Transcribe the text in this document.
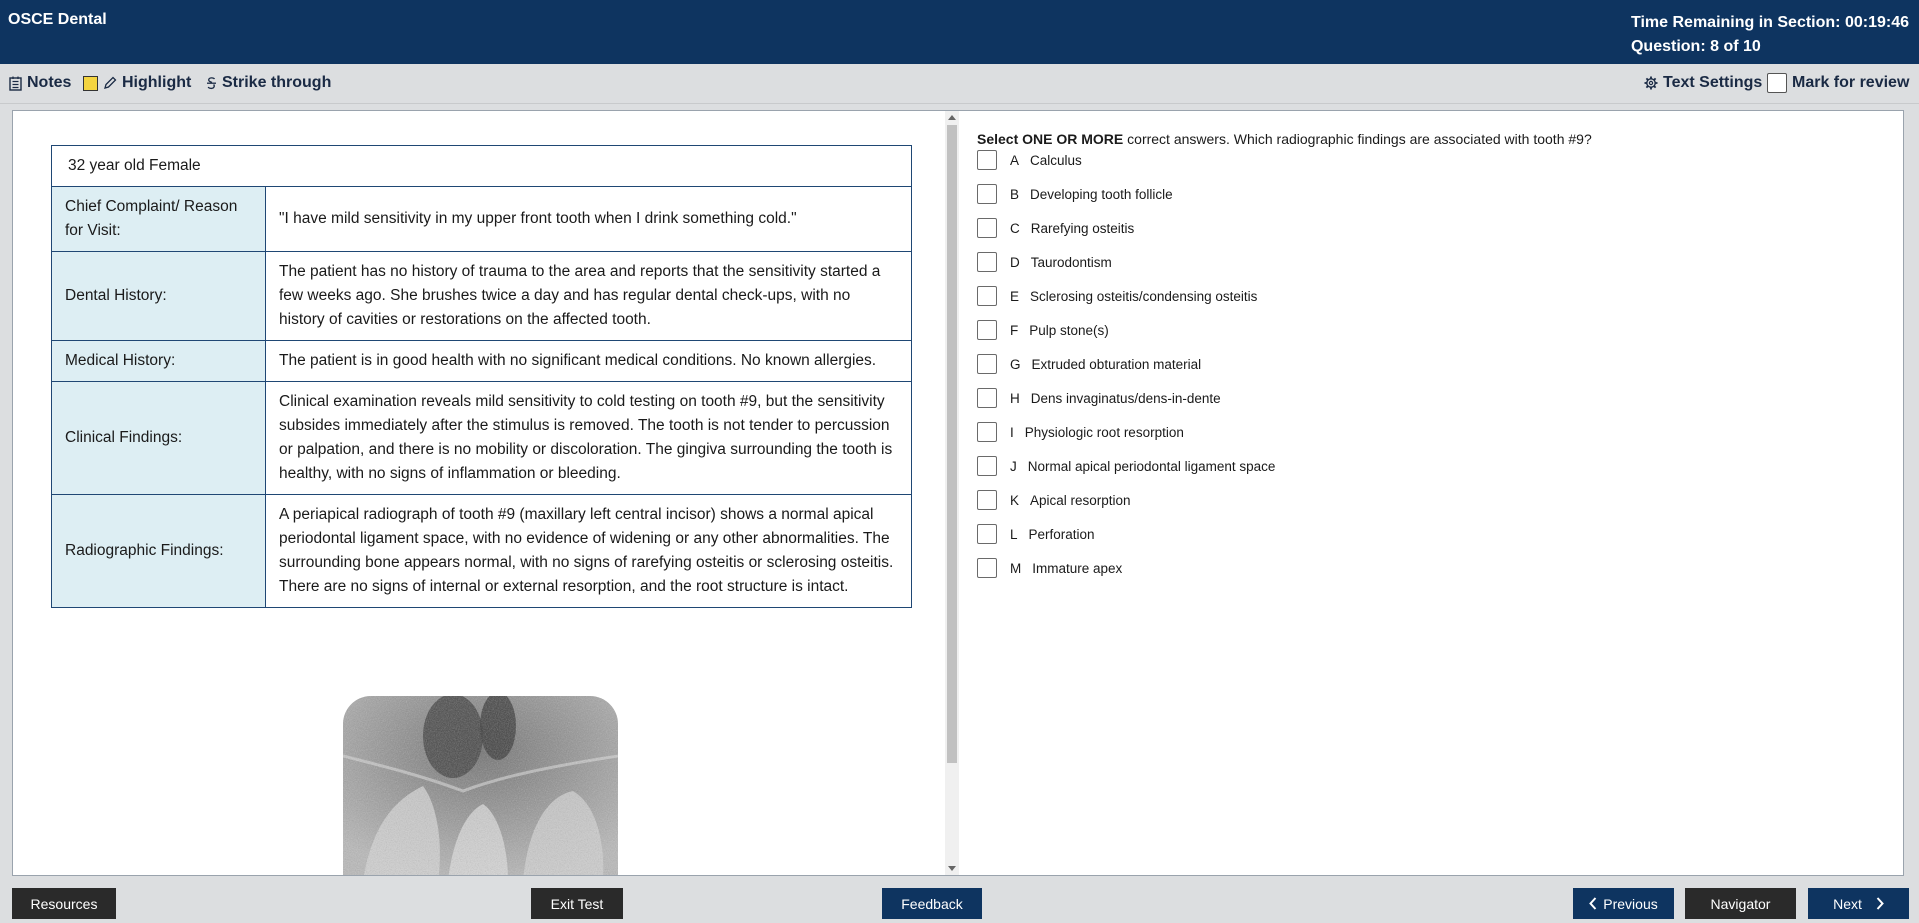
OSCE Dental	Time Remaining in Section: 00:19:46
Question: 8 of 10
Notes	Highlight Strike through	Text Settings Mark for review
32 year old Female	
Chief Complaint/ Reason for Visit:	"I have mild sensitivity in my upper front tooth when I drink something cold."
Dental History:	The patient has no history of trauma to the area and reports that the sensitivity started a few weeks ago. She brushes twice a day and has regular dental check-ups, with no history of cavities or restorations on the affected tooth.
Medical History:	The patient is in good health with no significant medical conditions. No known allergies.
Clinical Findings:	Clinical examination reveals mild sensitivity to cold testing on tooth #9, but the sensitivity subsides immediately after the stimulus is removed. The tooth is not tender to percussion or palpation, and there is no mobility or discoloration. The gingiva surrounding the tooth is healthy, with no signs of inflammation or bleeding.
Radiographic Findings:	A periapical radiograph of tooth #9 (maxillary left central incisor) shows a normal apical periodontal ligament space, with no evidence of widening or any other abnormalities. The surrounding bone appears normal, with no signs of rarefying osteitis or sclerosing osteitis. There are no signs of internal or external resorption, and the root structure is intact.
Select ONE OR MORE correct answers. Which radiographic findings are associated with tooth #9?
A Calculus
B Developing tooth follicle
C Rarefying osteitis
D Taurodontism
E Sclerosing osteitis/condensing osteitis
F Pulp stone(s)
G Extruded obturation material
H Dens invaginatus/dens-in-dente
I Physiologic root resorption
J Normal apical periodontal ligament space
K Apical resorption
L Perforation
M Immature apex
Resources	Exit Test	Feedback	Previous	Navigator	Next
